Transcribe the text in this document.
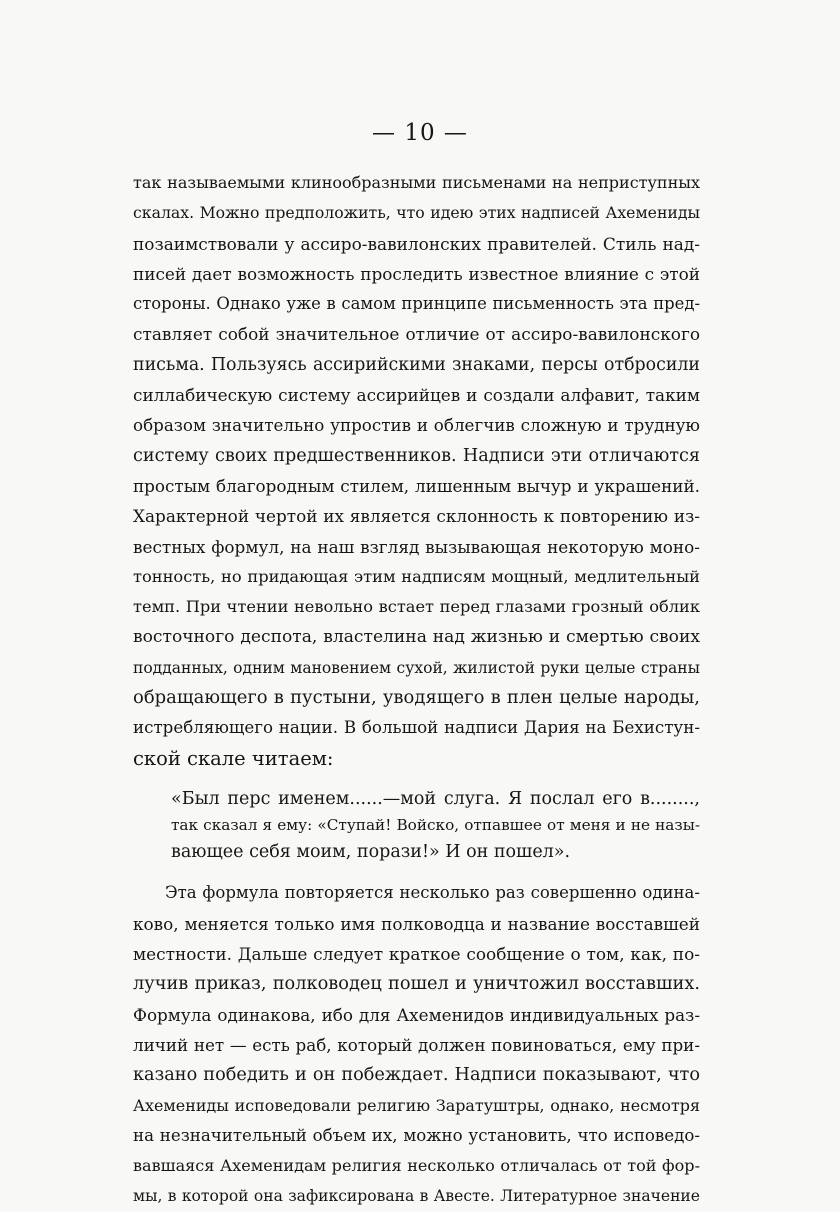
— 10 —
так называемыми клинообразными письменами на неприступных
скалах. Можно предположить, что идею этих надписей Ахемениды
позаимствовали у ассиро-вавилонских правителей. Стиль над-
писей дает возможность проследить известное влияние с этой
стороны. Однако уже в самом принципе письменность эта пред-
ставляет собой значительное отличие от ассиро-вавилонского
письма. Пользуясь ассирийскими знаками, персы отбросили
силлабическую систему ассирийцев и создали алфавит, таким
образом значительно упростив и облегчив сложную и трудную
систему своих предшественников. Надписи эти отличаются
простым благородным стилем, лишенным вычур и украшений.
Характерной чертой их является склонность к повторению из-
вестных формул, на наш взгляд вызывающая некоторую моно-
тонность, но придающая этим надписям мощный, медлительный
темп. При чтении невольно встает перед глазами грозный облик
восточного деспота, властелина над жизнью и смертью своих
подданных, одним мановением сухой, жилистой руки целые страны
обращающего в пустыни, уводящего в плен целые народы,
истребляющего нации. В большой надписи Дария на Бехистун-
ской скале читаем:
«Был перс именем......—мой слуга. Я послал его в........,
так сказал я ему: «Ступай! Войско, отпавшее от меня и не назы-
вающее себя моим, порази!» И он пошел».
Эта формула повторяется несколько раз совершенно одина-
ково, меняется только имя полководца и название восставшей
местности. Дальше следует краткое сообщение о том, как, по-
лучив приказ, полководец пошел и уничтожил восставших.
Формула одинакова, ибо для Ахеменидов индивидуальных раз-
личий нет — есть раб, который должен повиноваться, ему при-
казано победить и он побеждает. Надписи показывают, что
Ахемениды исповедовали религию Заратуштры, однако, несмотря
на незначительный объем их, можно установить, что исповедо-
вавшаяся Ахеменидам религия несколько отличалась от той фор-
мы, в которой она зафиксирована в Авесте. Литературное значение
